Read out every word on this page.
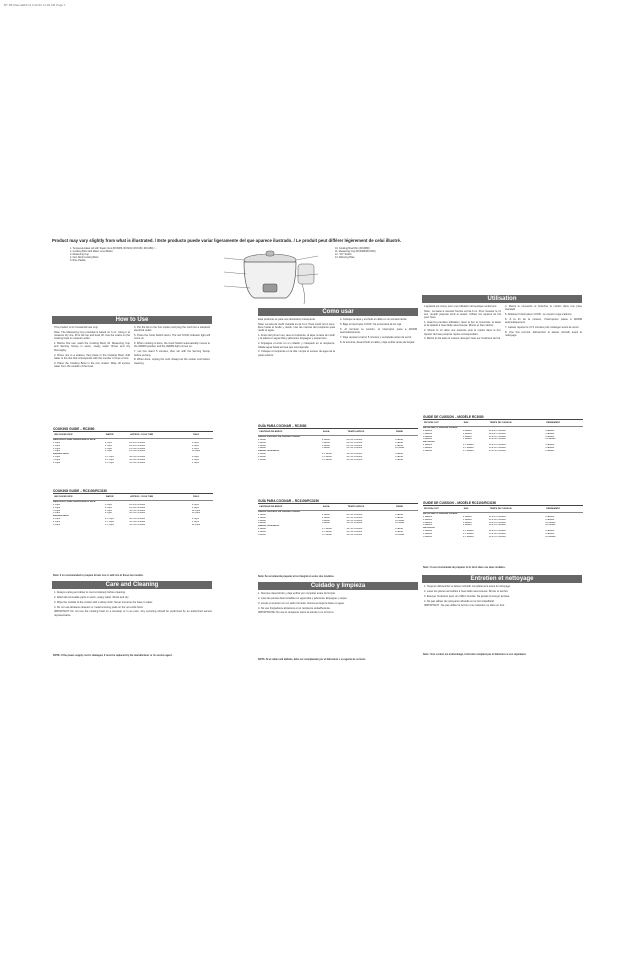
BT·B6 ManualRdm3 1/12/10 11:30 AM Page 1
Product may vary slightly from what is illustrated. / Este producto puede variar ligeramente del que aparece ilustrado. / Le produit peut différer légèrement de celui illustré.
1. Tempered-Glass Lid with Steam Vent (RC3080, RC3100, RC3150, RC3180) / ...
2. Cooking Bowl with Water Level Marks
3. Measuring Cup
4. Non-Stick Cooking Bowl
5. Rice Paddle
10. Cooking Bowl Rim (RC3080)
11. Measuring Cup (RC3080/RC3100)
12. "On" Switch
13. Warming Plate
How to Use
Como usar
Utilisation

This product is for household use only.

Note: The Measuring Cup provided is based on 6 oz. Using it to measure dry rice, fill to the top and level off. Use the marks on the cooking bowl to measure water.

1. Before first use, wash the Cooking Bowl, lid, Measuring Cup and Serving Scoop in warm, soapy water. Rinse and dry thoroughly.

2. Rinse rice in a strainer, then place in the Cooking Bowl. Add water to the line that corresponds with the number of cups of rice.

3. Place the Cooking Bowl in the rice cooker. Wipe off excess water from the outside of the bowl.

4. Put the lid on the rice cooker and plug the cord into a standard electrical outlet.

5. Press the Cook Switch down. The red COOK indicator light will come on.

6. When cooking is done, the Cook Switch automatically moves to the WARM position and the WARM light comes on.

7. Let rice stand 5 minutes, then stir with the Serving Scoop before serving.

8. When done, unplug the cord. Always let the cooker cool before cleaning.

Este producto es para uso doméstico únicamente.

Nota: La taza de medir incluida es de 6 oz. Para medir arroz seco, llene hasta el borde y nivele. Use las marcas del recipiente para medir el agua.

1. Antes del primer uso, lave el recipiente, la tapa, la taza de medir y la paleta en agua tibia y jabonosa. Enjuague y seque bien.

2. Enjuague el arroz en un colador y colóquelo en el recipiente. Añada agua hasta la línea que corresponda.

3. Coloque el recipiente en la olla. Limpie el exceso de agua de la parte exterior.

4. Coloque la tapa y enchufe el cable en un tomacorriente.

5. Baje el interruptor COOK. Se encenderá la luz roja.

6. Al terminar la cocción, el interruptor pasa a WARM automáticamente.

7. Deje reposar el arroz 5 minutos y revüelvalo antes de servir.

8. Al terminar, desenchufe el cable y deje enfriar antes de limpiar.

L'appareil est conçu pour une utilisation domestique seulement.

Nota : La tasse à mesurer fournie est de 6 oz. Pour mesurer le riz sec, remplir jusqu'au bord et araser. Utiliser les repères du bol pour l'eau.

1. Avant la première utilisation, laver le bol, le couvercle, la tasse et la spatule à l'eau tiède savonneuse. Rincer et bien sécher.

2. Rincer le riz dans une passoire puis le mettre dans le bol. Ajouter de l'eau jusqu'au repère correspondant.

3. Mettre le bol dans le cuiseur. Essuyer l'eau sur l'extérieur du bol.

4. Mettre le couvercle et brancher le cordon dans une prise standard.

5. Abaisser l'interrupteur COOK. Le voyant rouge s'allume.

6. À la fin de la cuisson, l'interrupteur passe à WARM automatiquement.

7. Laisser reposer le riz 5 minutes puis mélanger avant de servir.

8. Une fois terminé, débrancher et laisser refroidir avant le nettoyage.

COOKING GUIDE – RC3080
UNCOOKED RICE	WATER	APPROX. COOK TIME	YIELD
REGULAR LONG GRAIN WHITE RICE			
2 cups	2 cups	20–25 minutes	4 cups
3 cups	3 cups	20–25 minutes	6 cups
4 cups	4 cups	25–30 minutes	8 cups
5 cups	5 cups	25–30 minutes	10 cups
BROWN RICE			
2 cups	2½ cups	40–45 minutes	4 cups
3 cups	3½ cups	45–50 minutes	6 cups
4 cups	4½ cups	45–50 minutes	8 cups
COOKING GUIDE – RC3100/RC3150
UNCOOKED RICE	WATER	APPROX. COOK TIME	YIELD
REGULAR LONG GRAIN WHITE RICE			
2 cups	2 cups	20–25 minutes	4 cups
4 cups	4 cups	25–30 minutes	8 cups
6 cups	6 cups	30–35 minutes	12 cups
8 cups	8 cups	30–35 minutes	16 cups
BROWN RICE			
2 cups	2½ cups	40–45 minutes	4 cups
4 cups	4½ cups	45–50 minutes	8 cups
6 cups	6½ cups	50–55 minutes	12 cups
GUÍA PARA COCINAR – RC3080
CANTIDAD DE ARROZ	AGUA	TIEMPO APROX.	RINDE
ARROZ BLANCO DE GRANO LARGO			
2 tazas	2 tazas	20–25 minutos	4 tazas
3 tazas	3 tazas	20–25 minutos	6 tazas
4 tazas	4 tazas	25–30 minutos	8 tazas
5 tazas	5 tazas	25–30 minutos	10 tazas
ARROZ INTEGRAL			
2 tazas	2½ tazas	40–45 minutos	4 tazas
3 tazas	3½ tazas	45–50 minutos	6 tazas
4 tazas	4½ tazas	45–50 minutos	8 tazas
GUÍA PARA COCINAR – RC3100/RC3150
CANTIDAD DE ARROZ	AGUA	TIEMPO APROX.	RINDE
ARROZ BLANCO DE GRANO LARGO			
2 tazas	2 tazas	20–25 minutos	4 tazas
4 tazas	4 tazas	25–30 minutos	8 tazas
6 tazas	6 tazas	30–35 minutos	12 tazas
8 tazas	8 tazas	30–35 minutos	16 tazas
ARROZ INTEGRAL			
2 tazas	2½ tazas	40–45 minutos	4 tazas
4 tazas	4½ tazas	45–50 minutos	8 tazas
6 tazas	6½ tazas	50–55 minutos	12 tazas
GUIDE DE CUISSON – MODÈLE RC3080
RIZ NON CUIT	EAU	TEMPS DE CUISSON	RENDEMENT
RIZ BLANC À GRAINS LONGS			
2 tasses	2 tasses	20 à 25 minutes	4 tasses
3 tasses	3 tasses	20 à 25 minutes	6 tasses
4 tasses	4 tasses	25 à 30 minutes	8 tasses
5 tasses	5 tasses	25 à 30 minutes	10 tasses
RIZ BRUN			
2 tasses	2½ tasses	40 à 45 minutes	4 tasses
3 tasses	3½ tasses	45 à 50 minutes	6 tasses
4 tasses	4½ tasses	45 à 50 minutes	8 tasses
GUIDE DE CUISSON – MODÈLE RC3100/RC3150
RIZ NON CUIT	EAU	TEMPS DE CUISSON	RENDEMENT
RIZ BLANC À GRAINS LONGS			
2 tasses	2 tasses	20 à 25 minutes	4 tasses
4 tasses	4 tasses	25 à 30 minutes	8 tasses
6 tasses	6 tasses	30 à 35 minutes	12 tasses
8 tasses	8 tasses	30 à 35 minutes	16 tasses
RIZ BRUN			
2 tasses	2½ tasses	40 à 45 minutes	4 tasses
4 tasses	4½ tasses	45 à 50 minutes	8 tasses
6 tasses	6½ tasses	50 à 55 minutes	12 tasses
Note: It is recommended to prepare brown rice or wild rice in these two models.	Nota: Se recomienda preparar arroz integral en estos dos modelos.
Nota : Il est recommandé de préparer le riz brun dans ces deux modèles.
Care and Cleaning	Cuidado y limpieza
Entretien et nettoyage

1. Always unplug and allow to cool completely before cleaning.

2. Wash all removable parts in warm, soapy water. Rinse and dry.

3. Wipe the outside of the cooker with a damp cloth. Never immerse the base in water.

4. Do not use abrasive cleaners or metal scouring pads on the non-stick bowl.

IMPORTANT: Do not use the cooking bowl on a stovetop or in an oven. Any servicing should be performed by an authorized service representative.

1. Siempre desenchufe y deje enfriar por completo antes de limpiar.

2. Lave las piezas desmontables en agua tibia y jabonosa. Enjuague y seque.

3. Limpie el exterior con un paño húmedo. Nunca sumerja la base en agua.

4. No use limpiadores abrasivos en el recipiente antiadherente.

IMPORTANTE: No use el recipiente sobre la estufa ni en el horno.

1. Toujours débrancher et laisser refroidir complètement avant le nettoyage.

2. Laver les pièces amovibles à l'eau tiède savonneuse. Rincer et sécher.

3. Essuyer l'extérieur avec un chiffon humide. Ne jamais immerger la base.

4. Ne pas utiliser de nettoyants abrasifs sur le bol antiadhésif.

IMPORTANT : Ne pas utiliser le bol sur une cuisinière ou dans un four.

NOTE: If the power supply cord is damaged, it must be replaced by the manufacturer or its service agent.
NOTA: Si el cable está dañado, debe ser reemplazado por el fabricante o su agente de servicio.
Nota : Si le cordon est endommagé, il doit être remplacé par le fabricant ou son réparateur.
